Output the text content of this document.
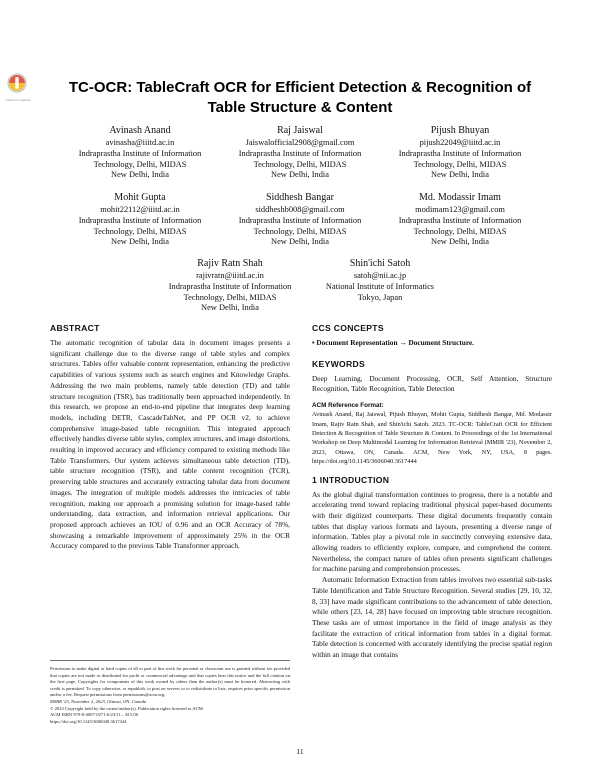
Check for updates
TC-OCR: TableCraft OCR for Efficient Detection & Recognition of
Table Structure & Content
Avinash Anand
avinasha@iiitd.ac.in
Indraprastha Institute of Information
Technology, Delhi, MIDAS
New Delhi, India
Raj Jaiswal
Jaiswalofficial2908@gmail.com
Indraprastha Institute of Information
Technology, Delhi, MIDAS
New Delhi, India
Pijush Bhuyan
pijush22049@iiitd.ac.in
Indraprastha Institute of Information
Technology, Delhi, MIDAS
New Delhi, India
Mohit Gupta
mohit22112@iiitd.ac.in
Indraprastha Institute of Information
Technology, Delhi, MIDAS
New Delhi, India
Siddhesh Bangar
siddheshb008@gmail.com
Indraprastha Institute of Information
Technology, Delhi, MIDAS
New Delhi, India
Md. Modassir Imam
modimam123@gmail.com
Indraprastha Institute of Information
Technology, Delhi, MIDAS
New Delhi, India
Rajiv Ratn Shah
rajivratn@iiitd.ac.in
Indraprastha Institute of Information
Technology, Delhi, MIDAS
New Delhi, India
Shin'ichi Satoh
satoh@nii.ac.jp
National Institute of Informatics
Tokyo, Japan
ABSTRACT

The automatic recognition of tabular data in document images presents a significant challenge due to the diverse range of table styles and complex structures. Tables offer valuable content representation, enhancing the predictive capabilities of various systems such as search engines and Knowledge Graphs. Addressing the two main problems, namely table detection (TD) and table structure recognition (TSR), has traditionally been approached independently. In this research, we propose an end-to-end pipeline that integrates deep learning models, including DETR, CascadeTabNet, and PP OCR v2, to achieve comprehensive image-based table recognition. This integrated approach effectively handles diverse table styles, complex structures, and image distortions, resulting in improved accuracy and efficiency compared to existing methods like Table Transformers. Our system achieves simultaneous table detection (TD), table structure recognition (TSR), and table content recognition (TCR), preserving table structures and accurately extracting tabular data from document images. The integration of multiple models addresses the intricacies of table recognition, making our approach a promising solution for image-based table understanding, data extraction, and information retrieval applications. Our proposed approach achieves an IOU of 0.96 and an OCR Accuracy of 78%, showcasing a remarkable improvement of approximately 25% in the OCR Accuracy compared to the previous Table Transformer approach.

Permission to make digital or hard copies of all or part of this work for personal or classroom use is granted without fee provided that copies are not made or distributed for profit or commercial advantage and that copies bear this notice and the full citation on the first page. Copyrights for components of this work owned by others than the author(s) must be honored. Abstracting with credit is permitted. To copy otherwise, or republish, to post on servers or to redistribute to lists, requires prior specific permission and/or a fee. Request permissions from permissions@acm.org.
MMIR '23, November 2, 2023, Ottawa, ON, Canada
© 2023 Copyright held by the owner/author(s). Publication rights licensed to ACM.
ACM ISBN 979-8-4007-0271-6/23/11... $15.00
https://doi.org/10.1145/3606040.3617444
CCS CONCEPTS

• Document Representation → Document Structure.

KEYWORDS

Deep Learning, Document Processing, OCR, Self Attention, Structure Recognition, Table Recognition, Table Detection

ACM Reference Format:

Avinash Anand, Raj Jaiswal, Pijush Bhuyan, Mohit Gupta, Siddhesh Bangar, Md. Modassir Imam, Rajiv Ratn Shah, and Shin'ichi Satoh. 2023. TC-OCR: TableCraft OCR for Efficient Detection & Recognition of Table Structure & Content. In Proceedings of the 1st International Workshop on Deep Multimodal Learning for Information Retrieval (MMIR '23), November 2, 2023, Ottawa, ON, Canada. ACM, New York, NY, USA, 8 pages. https://doi.org/10.1145/3606040.3617444

1 INTRODUCTION

As the global digital transformation continues to progress, there is a notable and accelerating trend toward replacing traditional physical paper-based documents with their digitized counterparts. These digital documents frequently contain tables that display various formats and layouts, presenting a diverse range of information. Tables play a pivotal role in succinctly conveying extensive data, allowing readers to efficiently explore, compare, and comprehend the content. Nevertheless, the compact nature of tables often presents significant challenges for machine parsing and comprehension processes.

Automatic Information Extraction from tables involves two essential sub-tasks Table Identification and Table Structure Recognition. Several studies [29, 10, 32, 8, 33] have made significant contributions to the advancement of table detection, while others [23, 14, 28] have focused on improving table structure recognition. These tasks are of utmost importance in the field of image analysis as they facilitate the extraction of critical information from tables in a digital format. Table detection is concerned with accurately identifying the precise spatial region within an image that contains

11
